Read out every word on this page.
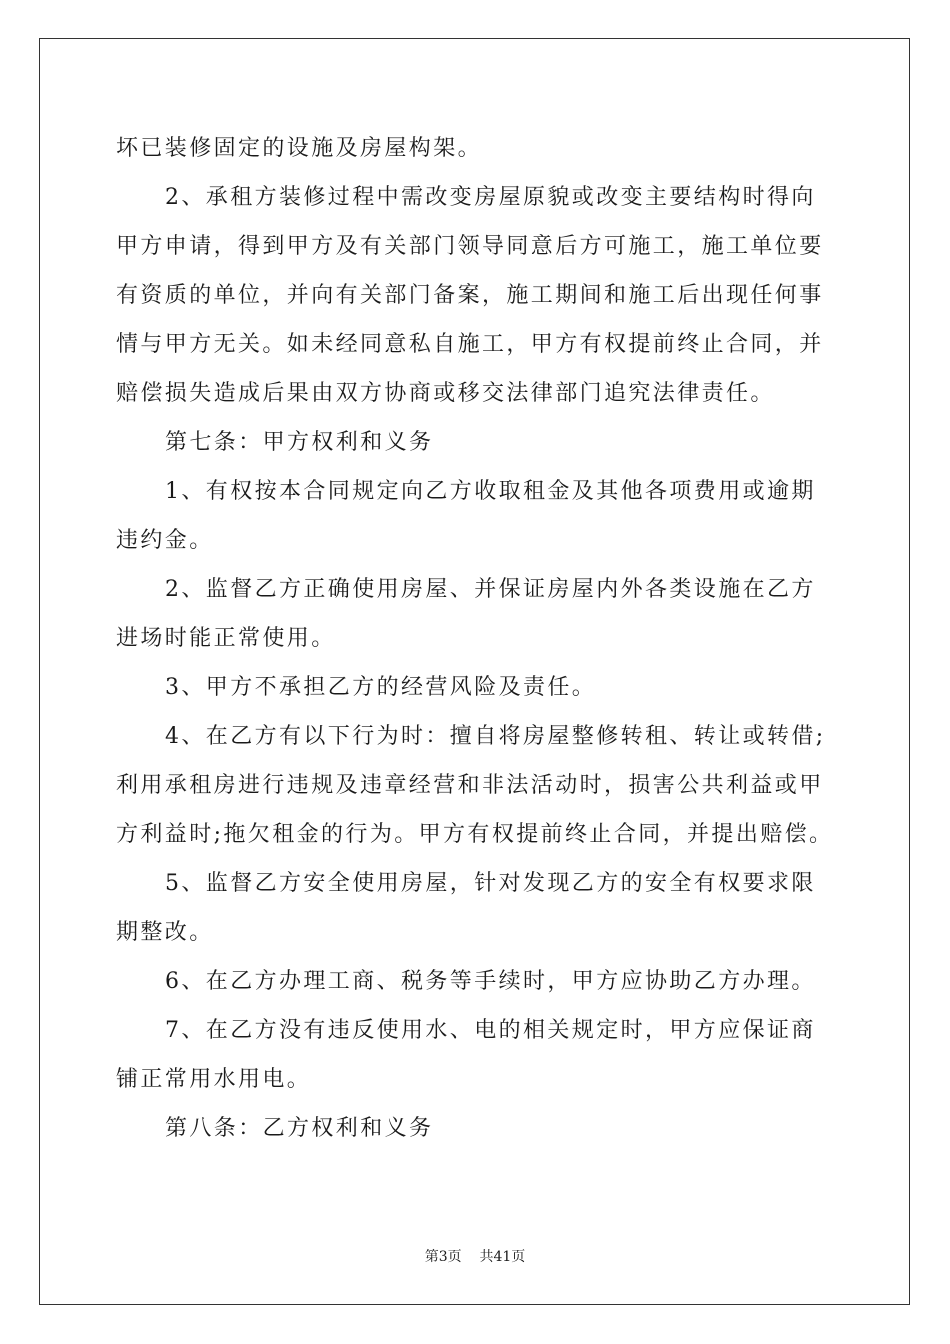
坏已装修固定的设施及房屋构架。

2、承租方装修过程中需改变房屋原貌或改变主要结构时得向甲方申请，得到甲方及有关部门领导同意后方可施工，施工单位要有资质的单位，并向有关部门备案，施工期间和施工后出现任何事情与甲方无关。如未经同意私自施工，甲方有权提前终止合同，并赔偿损失造成后果由双方协商或移交法律部门追究法律责任。

第七条：甲方权利和义务

1、有权按本合同规定向乙方收取租金及其他各项费用或逾期违约金。

2、监督乙方正确使用房屋、并保证房屋内外各类设施在乙方进场时能正常使用。

3、甲方不承担乙方的经营风险及责任。

4、在乙方有以下行为时：擅自将房屋整修转租、转让或转借;利用承租房进行违规及违章经营和非法活动时，损害公共利益或甲方利益时;拖欠租金的行为。甲方有权提前终止合同，并提出赔偿。

5、监督乙方安全使用房屋，针对发现乙方的安全有权要求限期整改。

6、在乙方办理工商、税务等手续时，甲方应协助乙方办理。

7、在乙方没有违反使用水、电的相关规定时，甲方应保证商铺正常用水用电。

第八条：乙方权利和义务

第3页 共41页
